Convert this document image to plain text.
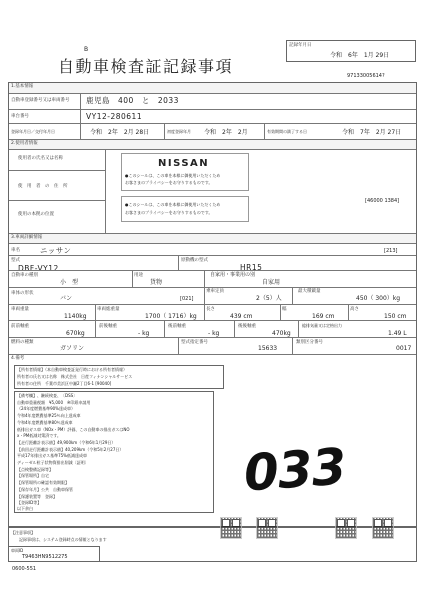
B
自動車検査証記録事項
記録年月日
令和　6年　1月 29日
97133005614?
1.基本情報
自動車登録番号又は車両番号 鹿児島　400　と　2033
車台番号	VY12-280611
登録年月日／交付年月日	令和　2年　2月 28日	初度登録年月 令和　2年　2月	有効期間の満了する日	令和　7年　2月 27日
2.使用者情報
使用者の氏名又は名称
使　用　者　の　住　所
使用の本拠の位置
NISSAN
●このシールは、この車を本様に御使用いただくため
お客さまのプライバシーをお守りするものです。
●このシールは、この車を本様に御使用いただくため
お客さまのプライバシーをお守りするものです。
[46000 1384]
3.車両詳細情報
車名	ニッサン	[213]
型式
DBF-VY12
原動機の型式
HR15
自動車の種別
小　型
用途
貨物
自家用・事業用の別
自家用
車体の形状
バン	[021]
乗車定員
2（5）人
最大積載量
450（ 300）kg
車両重量
1140kg
車両総重量
1700（ 1716）kg
長さ
439 cm
幅
169 cm
高さ
150 cm
前前軸重
670kg
前後軸重
- kg
後前軸重
- kg
後後軸重
470kg
総排気量又は定格出力
1.49 L
燃料の種類
ガソリン
型式指定番号
15633
類別区分番号
0017
4.備考
【所有者情報】（本自動車検査証発行時における所有者情報）
所有者の氏名又は名称　株式会社　日産フィナンシャルサービス
所有者の住所　千葉市美浜区中瀬2丁目6-1 [90040]
【備考欄】、継続検査、〔DSS〕
自動車重量税額　¥5,000　※印紙申請用
（24年度燃費基準90%達成車）
令和4年度燃費基準25％向上達成車
令和4年度燃費基準80％達成車
低排出ガス車（NOx・PM）評価、この自動車の排出ガスはNO
x・PM低減対策済です。
【走行距離計表示値】49,900km（令和6年1月29日）
【前回走行距離計表示値】40,209km（令和5年2月27日）
平成17年排出ガス基準75%低減達成車
ディーゼル粒子状物質排出削減〔証明〕
【点検整備記録等】
【保管場所】自宅
【保管場所の確認有効期限】
【保存年月】公共　自動車保管
【保護装置等　登録】
【登録ID等】
以下余白
033
【注意事項】
記録事項は、システム登録時点の情報となります
車両ID
T9463HN9512275
0600-551
